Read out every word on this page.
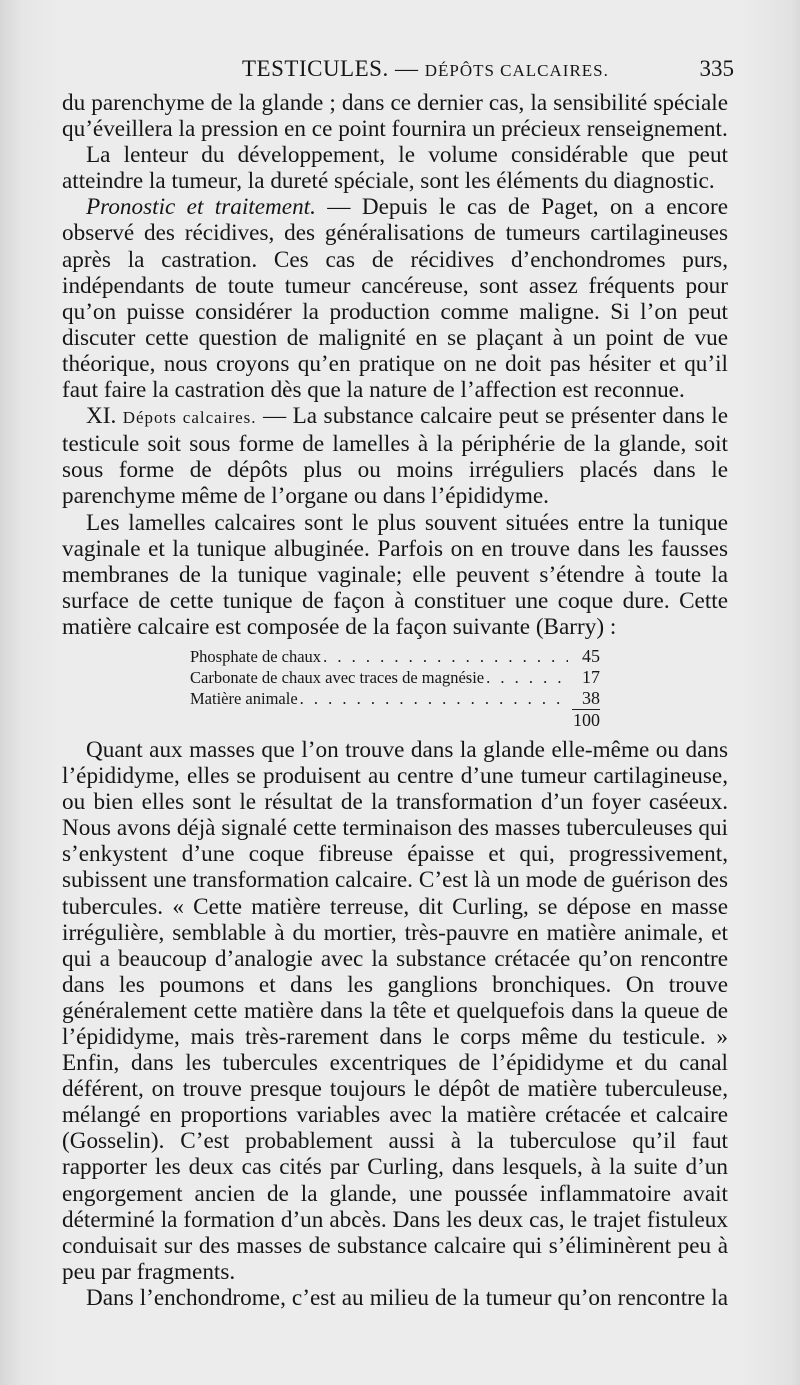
TESTICULES. — DÉPÔTS CALCAIRES.	335

du parenchyme de la glande ; dans ce dernier cas, la sensibilité spéciale qu’éveillera la pression en ce point fournira un précieux renseignement.

La lenteur du développement, le volume considérable que peut atteindre la tumeur, la dureté spéciale, sont les éléments du diagnostic.

Pronostic et traitement. — Depuis le cas de Paget, on a encore observé des récidives, des généralisations de tumeurs cartilagineuses après la castration. Ces cas de récidives d’enchondromes purs, indépendants de toute tumeur cancéreuse, sont assez fréquents pour qu’on puisse considérer la production comme maligne. Si l’on peut discuter cette question de malignité en se plaçant à un point de vue théorique, nous croyons qu’en pratique on ne doit pas hésiter et qu’il faut faire la castration dès que la nature de l’affection est reconnue.

XI. Dépots calcaires. — La substance calcaire peut se présenter dans le testicule soit sous forme de lamelles à la périphérie de la glande, soit sous forme de dépôts plus ou moins irréguliers placés dans le parenchyme même de l’organe ou dans l’épididyme.

Les lamelles calcaires sont le plus souvent situées entre la tunique vaginale et la tunique albuginée. Parfois on en trouve dans les fausses membranes de la tunique vaginale; elle peuvent s’étendre à toute la surface de cette tunique de façon à constituer une coque dure. Cette matière calcaire est composée de la façon suivante (Barry) :

Phosphate de chaux . . .	45
Carbonate de chaux avec traces de magnésie . . .	17
Matière animale . . .	38
100

Quant aux masses que l’on trouve dans la glande elle-même ou dans l’épididyme, elles se produisent au centre d’une tumeur cartilagineuse, ou bien elles sont le résultat de la transformation d’un foyer caséeux. Nous avons déjà signalé cette terminaison des masses tuberculeuses qui s’enkystent d’une coque fibreuse épaisse et qui, progressivement, subissent une transformation calcaire. C’est là un mode de guérison des tubercules. « Cette matière terreuse, dit Curling, se dépose en masse irrégulière, semblable à du mortier, très-pauvre en matière animale, et qui a beaucoup d’analogie avec la substance crétacée qu’on rencontre dans les poumons et dans les ganglions bronchiques. On trouve généralement cette matière dans la tête et quelquefois dans la queue de l’épididyme, mais très-rarement dans le corps même du testicule. » Enfin, dans les tubercules excentriques de l’épididyme et du canal déférent, on trouve presque toujours le dépôt de matière tuberculeuse, mélangé en proportions variables avec la matière crétacée et calcaire (Gosselin). C’est probablement aussi à la tuberculose qu’il faut rapporter les deux cas cités par Curling, dans lesquels, à la suite d’un engorgement ancien de la glande, une poussée inflammatoire avait déterminé la formation d’un abcès. Dans les deux cas, le trajet fistuleux conduisait sur des masses de substance calcaire qui s’éliminèrent peu à peu par fragments.

Dans l’enchondrome, c’est au milieu de la tumeur qu’on rencontre la
